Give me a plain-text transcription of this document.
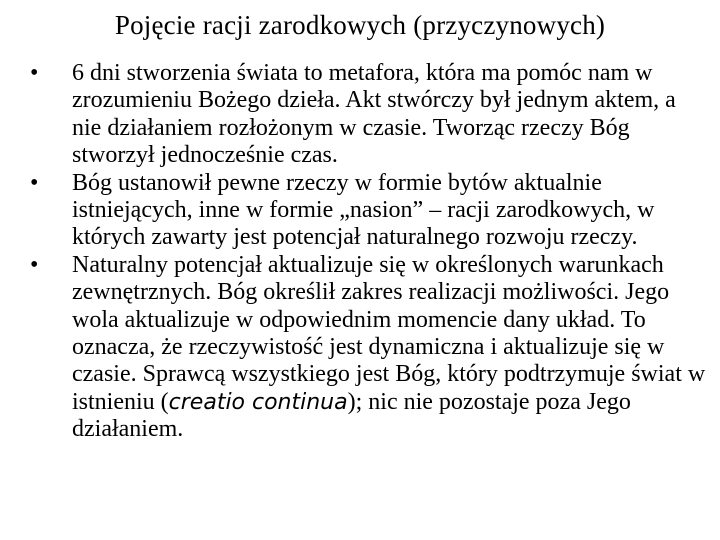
Pojęcie racji zarodkowych (przyczynowych)
•	6 dni stworzenia świata to metafora, która ma pomóc nam w zrozumieniu Bożego dzieła. Akt stwórczy był jednym aktem, a nie działaniem rozłożonym w czasie. Tworząc rzeczy Bóg stworzył jednocześnie czas.
•	Bóg ustanowił pewne rzeczy w formie bytów aktualnie istniejących, inne w formie „nasion” – racji zarodkowych, w których zawarty jest potencjał naturalnego rozwoju rzeczy.
•	Naturalny potencjał aktualizuje się w określonych warunkach zewnętrznych. Bóg określił zakres realizacji możliwości. Jego wola aktualizuje w odpowiednim momencie dany układ. To oznacza, że rzeczywistość jest dynamiczna i aktualizuje się w czasie. Sprawcą wszystkiego jest Bóg, który podtrzymuje świat w istnieniu (creatio continua); nic nie pozostaje poza Jego działaniem.
